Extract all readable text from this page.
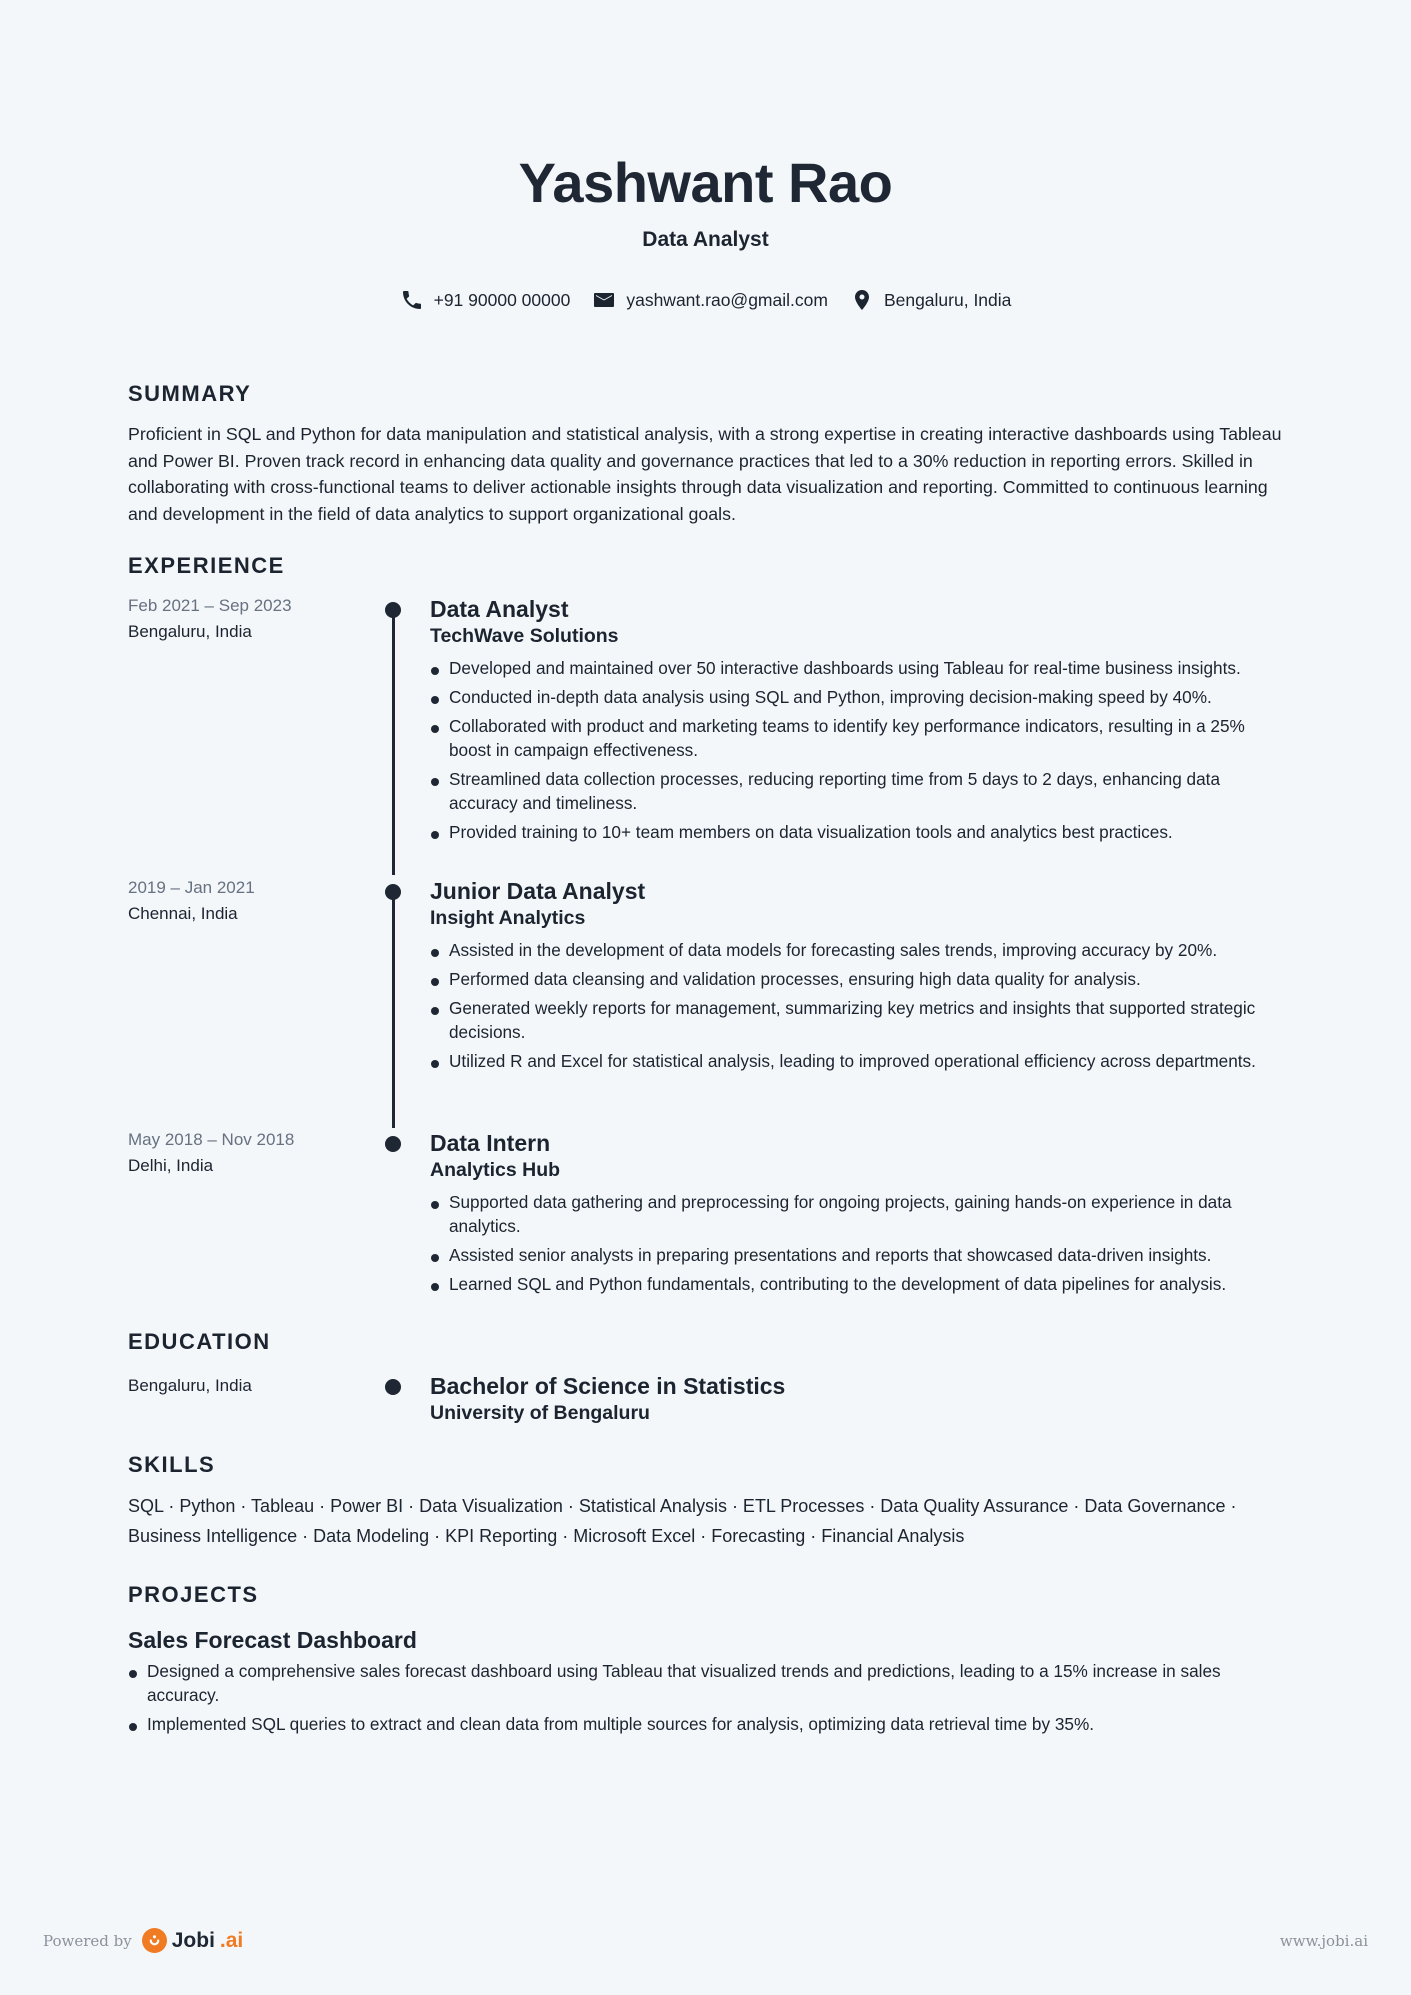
Yashwant Rao
Data Analyst
+91 90000 00000	yashwant.rao@gmail.com	Bengaluru, India
SUMMARY

Proficient in SQL and Python for data manipulation and statistical analysis, with a strong expertise in creating interactive dashboards using Tableau and Power BI. Proven track record in enhancing data quality and governance practices that led to a 30% reduction in reporting errors. Skilled in collaborating with cross-functional teams to deliver actionable insights through data visualization and reporting. Committed to continuous learning and development in the field of data analytics to support organizational goals.

EXPERIENCE

Feb 2021 – Sep 2023

Bengaluru, India

Data Analyst

TechWave Solutions

Developed and maintained over 50 interactive dashboards using Tableau for real-time business insights.
Conducted in-depth data analysis using SQL and Python, improving decision-making speed by 40%.
Collaborated with product and marketing teams to identify key performance indicators, resulting in a 25% boost in campaign effectiveness.
Streamlined data collection processes, reducing reporting time from 5 days to 2 days, enhancing data accuracy and timeliness.
Provided training to 10+ team members on data visualization tools and analytics best practices.

2019 – Jan 2021

Chennai, India

Junior Data Analyst

Insight Analytics

Assisted in the development of data models for forecasting sales trends, improving accuracy by 20%.
Performed data cleansing and validation processes, ensuring high data quality for analysis.
Generated weekly reports for management, summarizing key metrics and insights that supported strategic decisions.
Utilized R and Excel for statistical analysis, leading to improved operational efficiency across departments.

May 2018 – Nov 2018

Delhi, India

Data Intern

Analytics Hub

Supported data gathering and preprocessing for ongoing projects, gaining hands-on experience in data analytics.
Assisted senior analysts in preparing presentations and reports that showcased data-driven insights.
Learned SQL and Python fundamentals, contributing to the development of data pipelines for analysis.
EDUCATION

Bengaluru, India	Bachelor of Science in Statistics

University of Bengaluru

SKILLS

SQL · Python · Tableau · Power BI · Data Visualization · Statistical Analysis · ETL Processes · Data Quality Assurance · Data Governance · Business Intelligence · Data Modeling · KPI Reporting · Microsoft Excel · Forecasting · Financial Analysis

PROJECTS

Sales Forecast Dashboard

Designed a comprehensive sales forecast dashboard using Tableau that visualized trends and predictions, leading to a 15% increase in sales accuracy.
Implemented SQL queries to extract and clean data from multiple sources for analysis, optimizing data retrieval time by 35%.
Powered by Jobi .ai	www.jobi.ai
